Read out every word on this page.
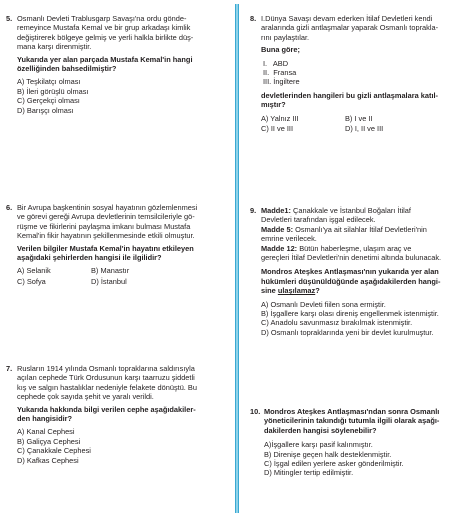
5. Osmanlı Devleti Trablusgarp Savaşı'na ordu gönde-
remeyince Mustafa Kemal ve bir grup arkadaşı kimlik
değiştirerek bölgeye gelmiş ve yerli halkla birlikte düş-
mana karşı direnmiştir.

Yukarıda yer alan parçada Mustafa Kemal'in hangi
özelliğinden bahsedilmiştir?

A) Teşkilatçı olması
B) İleri görüşlü olması
C) Gerçekçi olması
D) Barışçı olması
6. Bir Avrupa başkentinin sosyal hayatının gözlemlenmesi
ve görevi gereği Avrupa devletlerinin temsilcileriyle gö-
rüşme ve fikirlerini paylaşma imkanı bulması Mustafa
Kemal'in fikir hayatının şekillenmesinde etkili olmuştur.

Verilen bilgiler Mustafa Kemal'in hayatını etkileyen
aşağıdaki şehirlerden hangisi ile ilgilidir?

A) Selanik	B) Manastır
C) Sofya	D) İstanbul
7. Rusların 1914 yılında Osmanlı topraklarına saldırısıyla
açılan cephede Türk Ordusunun karşı taarruzu şiddetli
kış ve salgın hastalıklar nedeniyle felakete dönüştü. Bu
cephede çok sayıda şehit ve yaralı verildi.

Yukarıda hakkında bilgi verilen cephe aşağıdakiler-
den hangisidir?

A) Kanal Cephesi
B) Galiçya Cephesi
C) Çanakkale Cephesi
D) Kafkas Cephesi
8. I.Dünya Savaşı devam ederken İtilaf Devletleri kendi
aralarında gizli antlaşmalar yaparak Osmanlı toprakla-
rını paylaştılar.

Buna göre;

I.   ABD
II.  Fransa
III. İngiltere

devletlerinden hangileri bu gizli antlaşmalara katıl-
mıştır?

A) Yalnız III	B) I ve II
C) II ve III	D) I, II ve III
9. Madde1: Çanakkale ve İstanbul Boğaları İtilaf
Devletleri tarafından işgal edilecek.
Madde 5: Osmanlı'ya ait silahlar İtilaf Devletleri'nin
emrine verilecek.
Madde 12: Bütün haberleşme, ulaşım araç ve
gereçleri İtilaf Devletleri'nin denetimi altında bulunacak.

Mondros Ateşkes Antlaşması'nın yukarıda yer alan
hükümleri düşünüldüğünde aşağıdakilerden hangi-
sine ulaşılamaz?

A) Osmanlı Devleti fiilen sona ermiştir.
B) İşgallere karşı olası direniş engellenmek istenmiştir.
C) Anadolu savunmasız bırakılmak istenmiştir.
D) Osmanlı topraklarında yeni bir devlet kurulmuştur.
10. Mondros Ateşkes Antlaşması'ndan sonra Osmanlı
yöneticilerinin takındığı tutumla ilgili olarak aşağı-
dakilerden hangisi söylenebilir?

A)İşgallere karşı pasif kalınmıştır.
B) Direnişe geçen halk desteklenmiştir.
C) İşgal edilen yerlere asker gönderilmiştir.
D) Mitingler tertip edilmiştir.
